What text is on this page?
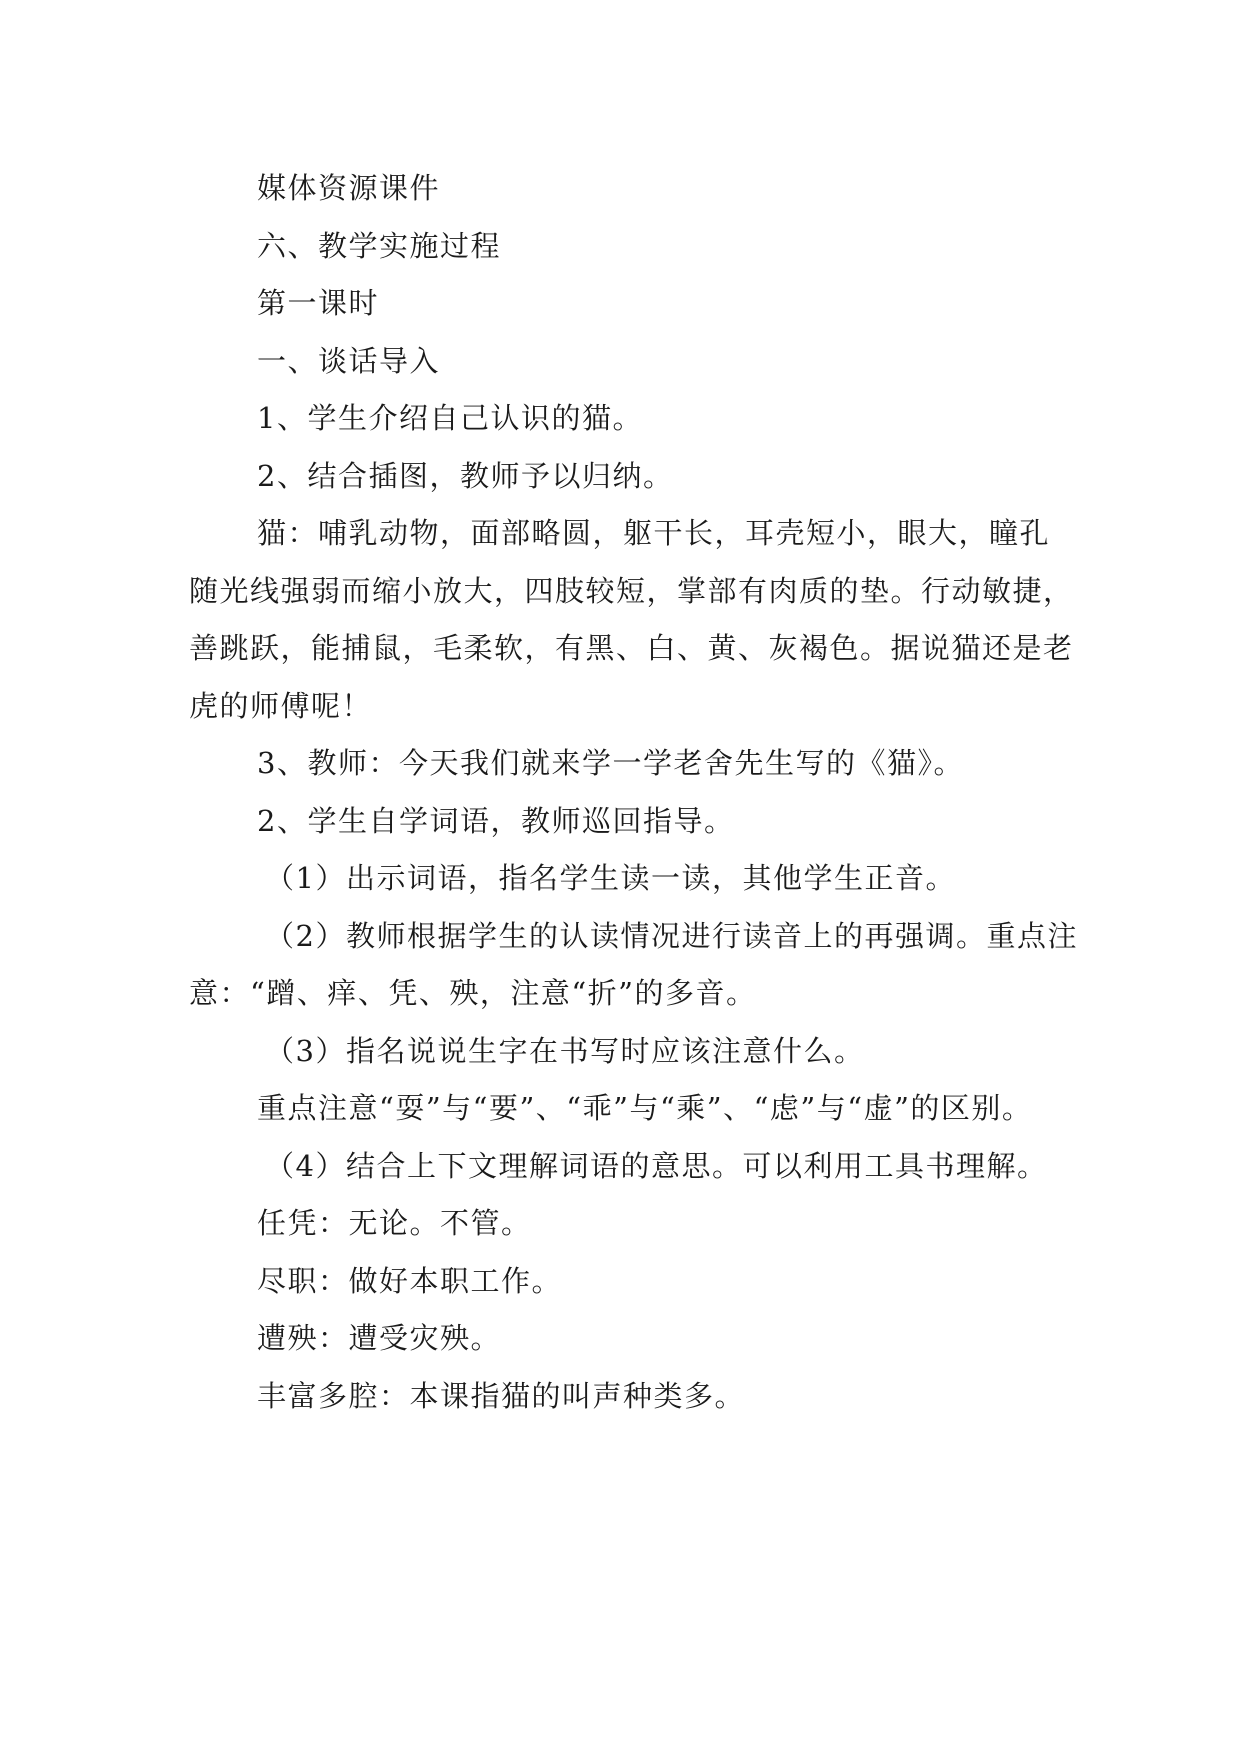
媒体资源课件

六、教学实施过程

第一课时

一、谈话导入

1、学生介绍自己认识的猫。

2、结合插图，教师予以归纳。

猫：哺乳动物，面部略圆，躯干长，耳壳短小，眼大，瞳孔随光线强弱而缩小放大，四肢较短，掌部有肉质的垫。行动敏捷，善跳跃，能捕鼠，毛柔软，有黑、白、黄、灰褐色。据说猫还是老虎的师傅呢！

3、教师：今天我们就来学一学老舍先生写的《猫》。

2、学生自学词语，教师巡回指导。

（1）出示词语，指名学生读一读，其他学生正音。

（2）教师根据学生的认读情况进行读音上的再强调。重点注意：“蹭、痒、凭、殃，注意“折”的多音。

（3）指名说说生字在书写时应该注意什么。

重点注意“耍”与“要”、“乖”与“乘”、“虑”与“虚”的区别。

（4）结合上下文理解词语的意思。可以利用工具书理解。

任凭：无论。不管。

尽职：做好本职工作。

遭殃：遭受灾殃。

丰富多腔：本课指猫的叫声种类多。
